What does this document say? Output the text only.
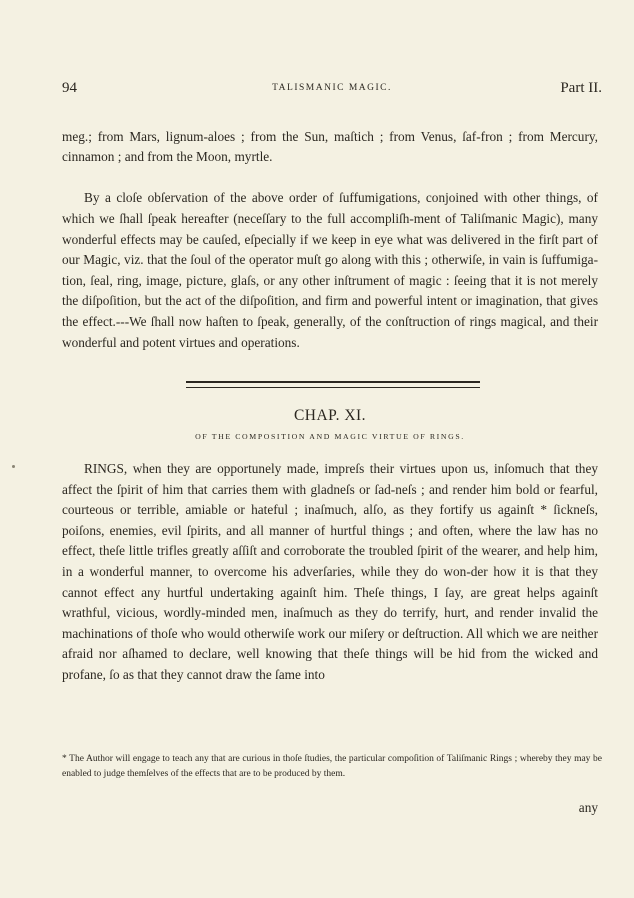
94	TALISMANIC MAGIC.	Part II.

meg.; from Mars, lignum-aloes ; from the Sun, maſtich ; from Venus, ſaf-fron ; from Mercury, cinnamon ; and from the Moon, myrtle.

By a cloſe obſervation of the above order of ſuffumigations, conjoined with other things, of which we ſhall ſpeak hereafter (neceſſary to the full accompliſh-ment of Taliſmanic Magic), many wonderful effects may be cauſed, eſpecially if we keep in eye what was delivered in the firſt part of our Magic, viz. that the ſoul of the operator muſt go along with this ; otherwiſe, in vain is ſuffumiga-tion, ſeal, ring, image, picture, glaſs, or any other inſtrument of magic : ſeeing that it is not merely the diſpoſition, but the act of the diſpoſition, and firm and powerful intent or imagination, that gives the effect.---We ſhall now haſten to ſpeak, generally, of the conſtruction of rings magical, and their wonderful and potent virtues and operations.

CHAP. XI.
OF THE COMPOSITION AND MAGIC VIRTUE OF RINGS.

RINGS, when they are opportunely made, impreſs their virtues upon us, inſomuch that they affect the ſpirit of him that carries them with gladneſs or ſad-neſs ; and render him bold or fearful, courteous or terrible, amiable or hateful ; inaſmuch, alſo, as they fortify us againſt * ſickneſs, poiſons, enemies, evil ſpirits, and all manner of hurtful things ; and often, where the law has no effect, theſe little trifles greatly aſſiſt and corroborate the troubled ſpirit of the wearer, and help him, in a wonderful manner, to overcome his adverſaries, while they do won-der how it is that they cannot effect any hurtful undertaking againſt him. Theſe things, I ſay, are great helps againſt wrathful, vicious, wordly-minded men, inaſmuch as they do terrify, hurt, and render invalid the machinations of thoſe who would otherwiſe work our miſery or deſtruction. All which we are neither afraid nor aſhamed to declare, well knowing that theſe things will be hid from the wicked and profane, ſo as that they cannot draw the ſame into

* The Author will engage to teach any that are curious in thoſe ſtudies, the particular compoſition of Taliſmanic Rings ; whereby they may be enabled to judge themſelves of the effects that are to be produced by them.
any
